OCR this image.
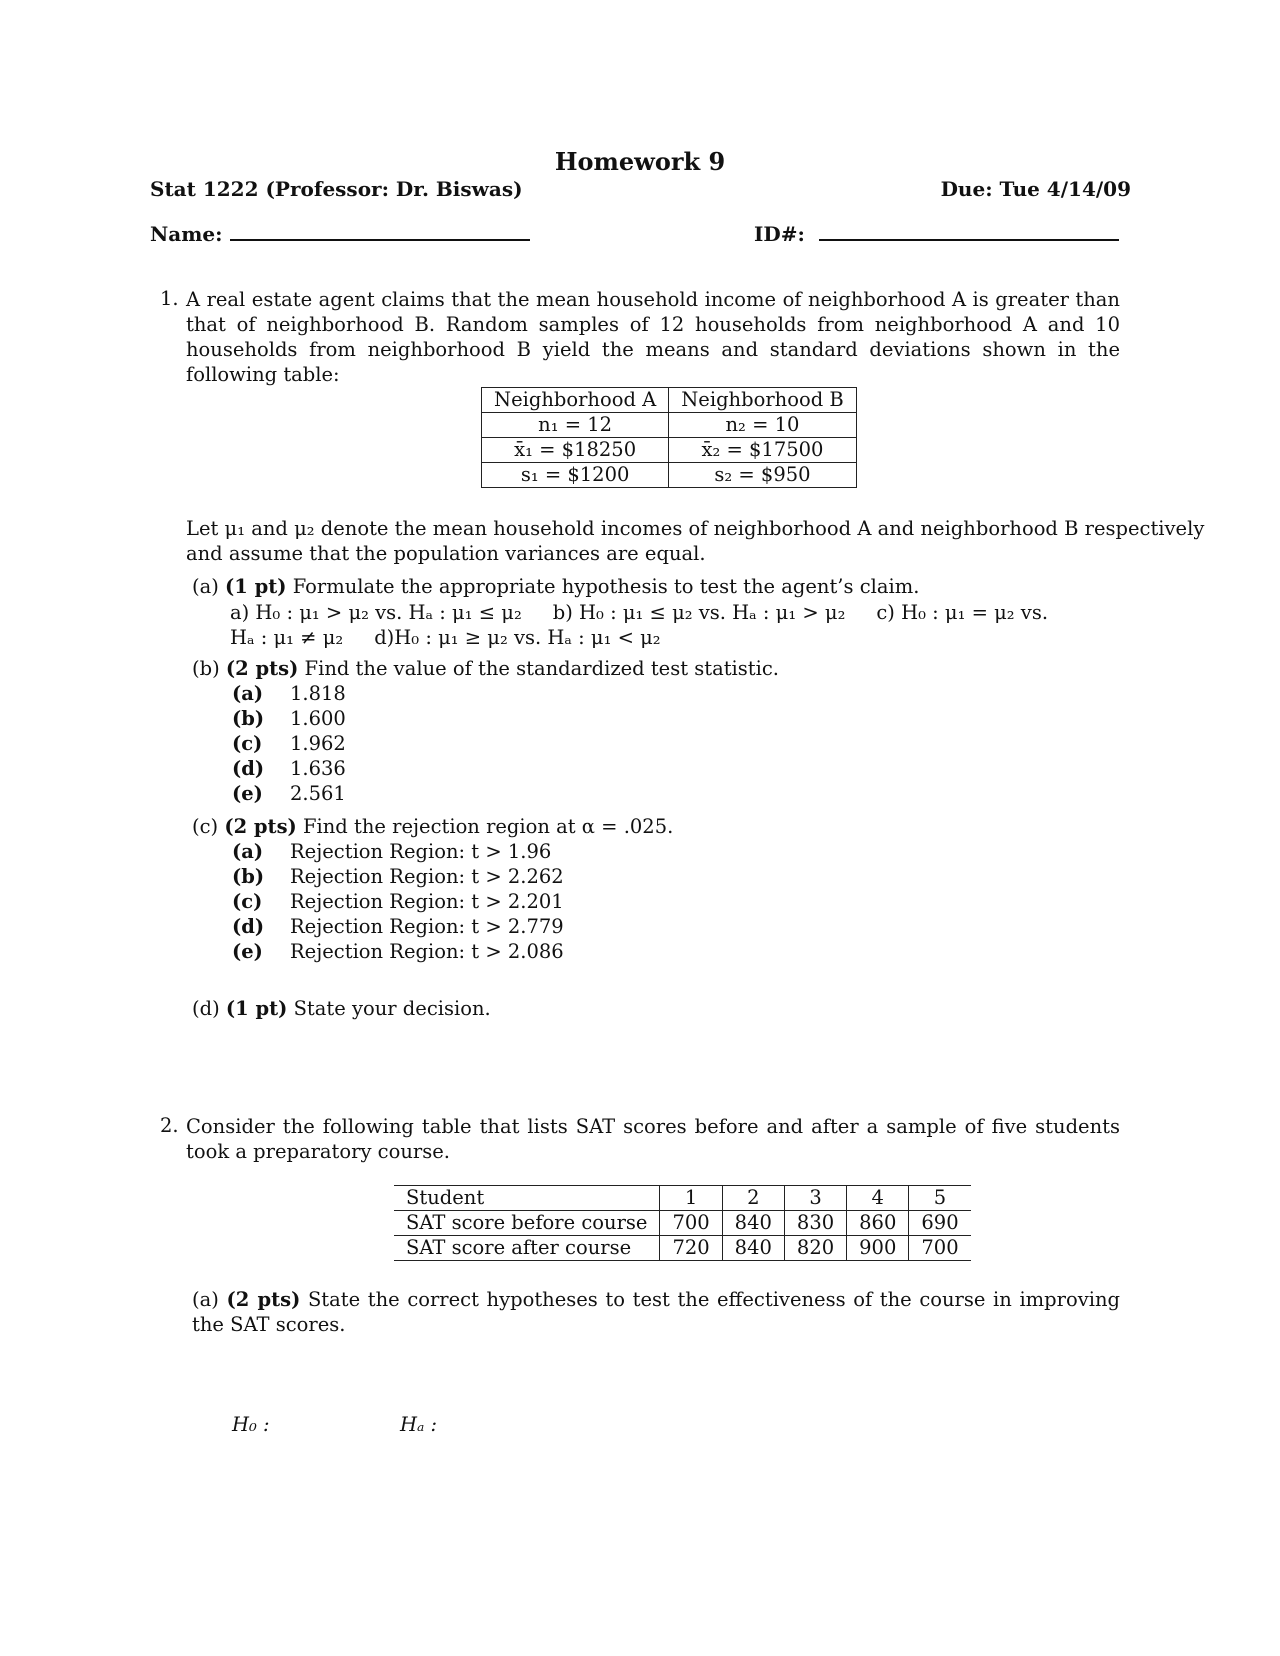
Homework 9
Stat 1222 (Professor: Dr. Biswas)	Due: Tue 4/14/09
Name:	ID#:
1. A real estate agent claims that the mean household income of neighborhood A is greater than that of neighborhood B. Random samples of 12 households from neighborhood A and 10 households from neighborhood B yield the means and standard deviations shown in the following table:
Neighborhood A	Neighborhood B
n₁ = 12	n₂ = 10
x̄₁ = $18250	x̄₂ = $17500
s₁ = $1200	s₂ = $950
Let μ₁ and μ₂ denote the mean household incomes of neighborhood A and neighborhood B respectively
and assume that the population variances are equal.
(a) (1 pt) Formulate the appropriate hypothesis to test the agent’s claim.
a) H₀ : μ₁ > μ₂ vs. Hₐ : μ₁ ≤ μ₂     b) H₀ : μ₁ ≤ μ₂ vs. Hₐ : μ₁ > μ₂     c) H₀ : μ₁ = μ₂ vs.
Hₐ : μ₁ ≠ μ₂     d)H₀ : μ₁ ≥ μ₂ vs. Hₐ : μ₁ < μ₂
(b) (2 pts) Find the value of the standardized test statistic.
(a) 1.818
(b) 1.600
(c) 1.962
(d) 1.636
(e) 2.561
(c) (2 pts) Find the rejection region at α = .025.
(a) Rejection Region: t > 1.96
(b) Rejection Region: t > 2.262
(c) Rejection Region: t > 2.201
(d) Rejection Region: t > 2.779
(e) Rejection Region: t > 2.086
(d) (1 pt) State your decision.
2. Consider the following table that lists SAT scores before and after a sample of five students took a preparatory course.
Student	1	2	3	4	5
SAT score before course	700	840	830	860	690
SAT score after course	720	840	820	900	700
(a) (2 pts) State the correct hypotheses to test the effectiveness of the course in improving the SAT scores.
H₀ :	Hₐ :
